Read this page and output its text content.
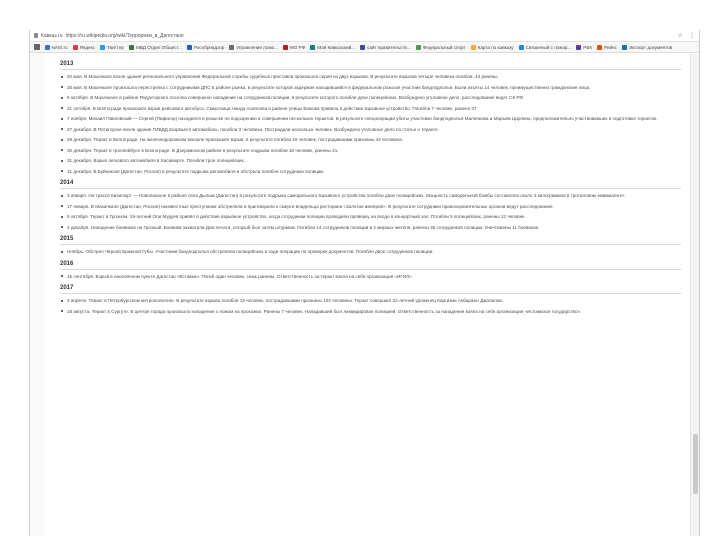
Кавказ.ru https://ru.wikipedia.org/wiki/Терроризм_в_Дагестане	☆ ⋮
NAIS.ru	Яндекс	Твиттер	МВД Отдел Общест...	Рособрнадзор	Управление ломо...	МО РФ	Мой Кавказский...	сайт правительств...	Федеральный спорт	Карта по кавказу	Связанный с пожар...	РБК	Рейнс	Экспорт документов
2013
20 мая. В Махачкале возле здания регионального управления Федеральной службы судебных приставов произошла серия из двух взрывов. В результате взрывов четыре человека погибли, 44 ранены.
25 мая. В Махачкале произошла перестрелка с сотрудниками ДПС в районе рынка, в результате которой задержан находившийся в федеральном розыске участник бандподполья. Были изъяты 14 человек, преимущественно гражданские лица.
5 октября. В Махачкале в районе Редукторного поселка совершено нападение на сотрудников полиции, в результате которого погибли двое полицейских. Возбуждено уголовное дело, расследование ведет СК РФ.
21 октября. В Волгограде произошёл взрыв рейсового автобуса. Смертница Наида Асиялова в районе улицы Бажова привела в действие взрывное устройство. Погибли 7 человек, ранено 37.
7 ноября. Михаил Павловский — Сергей (Пифагор) находился в розыске по подозрению в совершении нескольких терактов. В результате спецоперации убиты участники бандподполья Маленкова и Марьям Цирлина, предположительно участвовавших в подготовке терактов.
27 декабря. В Пятигорске возле здания ГИБДД взорвался автомобиль, погибли 3 человека. Пострадали несколько человек. Возбуждено уголовное дело по статье о теракте.
29 декабря. Теракт в Волгограде. На железнодорожном вокзале произошёл взрыв, в результате погибли 18 человек, пострадавшими признаны 44 человека.
30 декабря. Теракт в троллейбусе в Волгограде. В Дзержинском районе в результате подрыва погибли 16 человек, ранены 41.
31 декабря. Взрыв легкового автомобиля в Хасавюрте. Погибли трое полицейских.
31 декабря. В Буйнакске (Дагестан, Россия) в результате подрыва автомобиля и обстрела погибли сотрудники полиции.
2014
3 января. На трассе Кизилюрт — Новолакское в районе села Дылым (Дагестан) в результате подрыва самодельного взрывного устройства погибли двое полицейских. Мощность самодельной бомбы составляла около 3 килограммов в тротиловом эквиваленте.
17 января. В Махачкале (Дагестан, Россия) неизвестные преступники обстреляли и приговорили к смерти владельца ресторана «Золотая империя». В результате сотрудники правоохранительных органов ведут расследование.
5 октября. Теракт в Грозном. 19-летний Опи Мудуев привёл в действие взрывное устройство, когда сотрудники полиции проводили проверку на входе в концертный зал. Погибли 5 полицейских, ранены 12 человек.
4 декабря. Нападение боевиков на Грозный. Боевики захватили Дом печати, который был затем штурмом. Погибли 14 сотрудников полиции и 2 мирных жителя, ранены 36 сотрудников полиции. Уничтожены 11 боевиков.
2015
Ноябрь. Обстрел Чёрной Бражной Губы. Участники бандподполья обстреляли полицейских в ходе операции по проверке документов. Погибли двое сотрудников полиции.
2016
15 сентября. Взрыв в населённом пункте Дагестан «Вставки». Погиб один человек, семь ранены. Ответственность за теракт взяла на себя организация «ИГИЛ».
2017
3 апреля. Теракт в Петербургском метрополитене. В результате взрыва погибли 16 человек, пострадавшими признаны 103 человека. Теракт совершил 22-летний уроженец Киргизии Акбаржон Джалилов.
18 августа. Теракт в Сургуте. В центре города произошло нападение с ножом на прохожих. Ранены 7 человек. Нападавший был ликвидирован полицией. Ответственность за нападение взяла на себя организация «Исламское государство».
